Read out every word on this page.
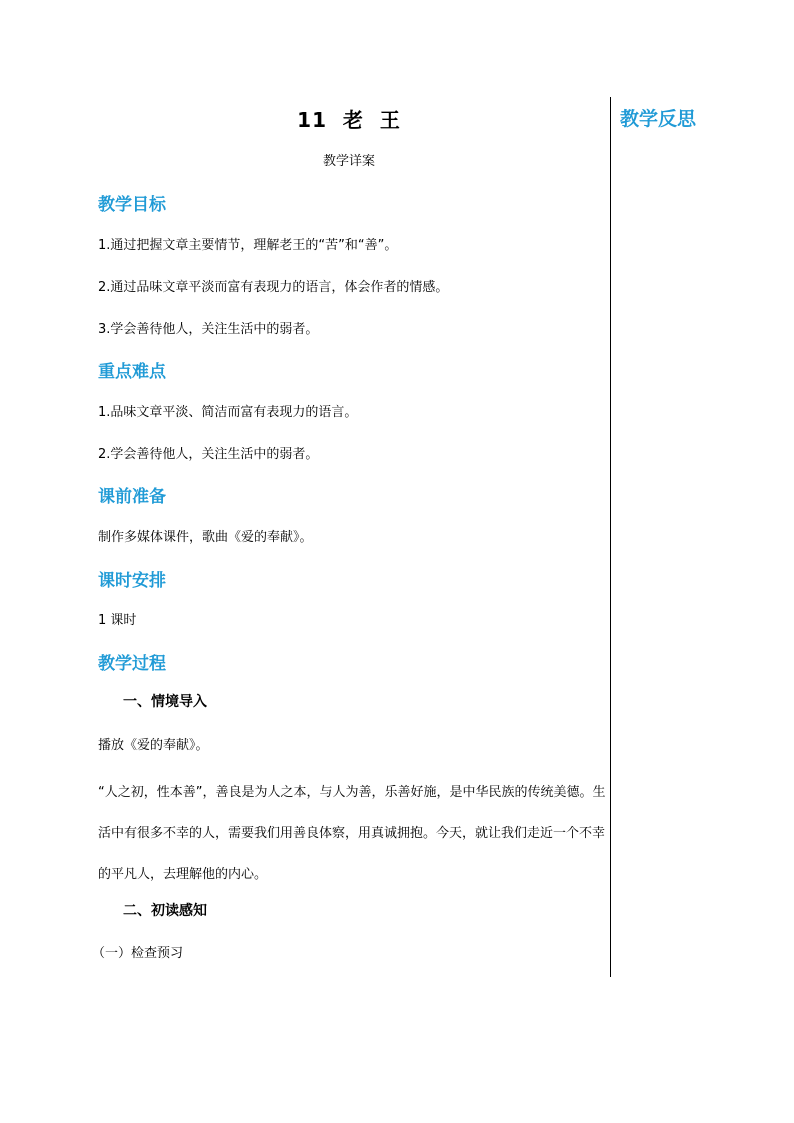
教学反思
11  老  王
教学详案
教学目标
1.通过把握文章主要情节，理解老王的“苦”和“善”。
2.通过品味文章平淡而富有表现力的语言，体会作者的情感。
3.学会善待他人，关注生活中的弱者。
重点难点
1.品味文章平淡、简洁而富有表现力的语言。
2.学会善待他人，关注生活中的弱者。
课前准备
制作多媒体课件，歌曲《爱的奉献》。
课时安排
1 课时
教学过程
一、情境导入
播放《爱的奉献》。
“人之初，性本善”，善良是为人之本，与人为善，乐善好施，是中华民族的传统美德。生活中有很多不幸的人，需要我们用善良体察，用真诚拥抱。今天，就让我们走近一个不幸的平凡人，去理解他的内心。
二、初读感知
（一）检查预习
